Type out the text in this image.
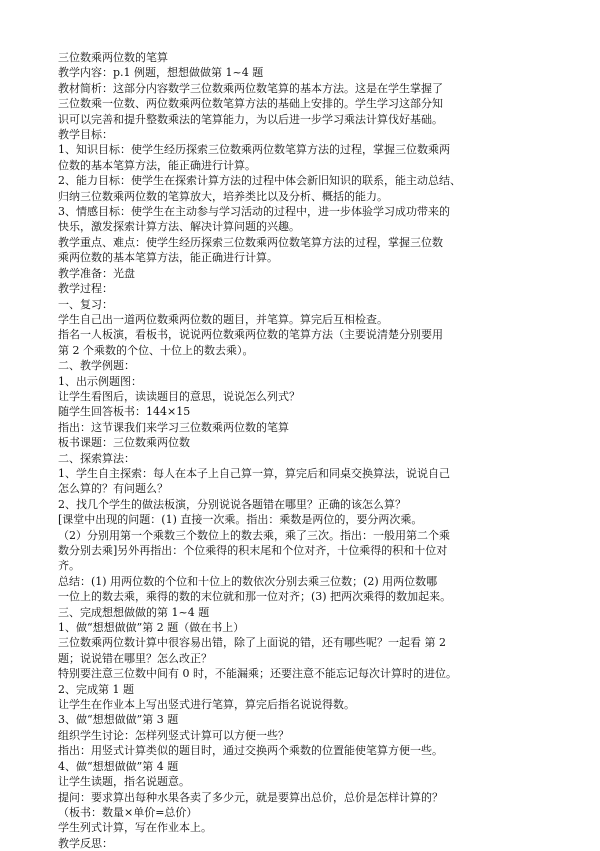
三位数乘两位数的笔算
教学内容：p.1 例题，想想做做第 1~4 题
教材简析：这部分内容数学三位数乘两位数笔算的基本方法。这是在学生掌握了
三位数乘一位数、两位数乘两位数笔算方法的基础上安排的。学生学习这部分知
识可以完善和提升整数乘法的笔算能力，为以后进一步学习乘法计算伐好基础。
教学目标：
1、知识目标：使学生经历探索三位数乘两位数笔算方法的过程，掌握三位数乘两
位数的基本笔算方法，能正确进行计算。
2、能力目标：使学生在探索计算方法的过程中体会新旧知识的联系，能主动总结、
归纳三位数乘两位数的笔算放大，培养类比以及分析、概括的能力。
3、情感目标：使学生在主动参与学习活动的过程中，进一步体验学习成功带来的
快乐，激发探索计算方法、解决计算问题的兴趣。
教学重点、难点：使学生经历探索三位数乘两位数笔算方法的过程，掌握三位数
乘两位数的基本笔算方法，能正确进行计算。
教学准备：光盘
教学过程：
一、复习：
学生自己出一道两位数乘两位数的题目，并笔算。算完后互相检查。
指名一人板演，看板书，说说两位数乘两位数的笔算方法（主要说清楚分别要用
第 2 个乘数的个位、十位上的数去乘）。
二、教学例题：
1、出示例题图：
让学生看图后，读读题目的意思，说说怎么列式？
随学生回答板书：144×15
指出：这节课我们来学习三位数乘两位数的笔算
板书课题：三位数乘两位数
二、探索算法：
1、学生自主探索：每人在本子上自己算一算，算完后和同桌交换算法，说说自己
怎么算的？有问题么？
2、找几个学生的做法板演，分别说说各题错在哪里？正确的该怎么算？
[课堂中出现的问题：(1) 直接一次乘。指出：乘数是两位的，要分两次乘。
（2）分别用第一个乘数三个数位上的数去乘，乘了三次。指出：一般用第二个乘
数分别去乘]另外再指出：个位乘得的积末尾和个位对齐，十位乘得的积和十位对
齐。
总结：(1) 用两位数的个位和十位上的数依次分别去乘三位数；(2) 用两位数哪
一位上的数去乘，乘得的数的末位就和那一位对齐；(3) 把两次乘得的数加起来。
三、完成想想做做的第 1~4 题
1、做“想想做做”第 2 题（做在书上）
三位数乘两位数计算中很容易出错，除了上面说的错，还有哪些呢？一起看 第 2
题；说说错在哪里？怎么改正？
特别要注意三位数中间有 0 时，不能漏乘；还要注意不能忘记每次计算时的进位。
2、完成第 1 题
让学生在作业本上写出竖式进行笔算，算完后指名说说得数。
3、做“想想做做”第 3 题
组织学生讨论：怎样列竖式计算可以方便一些？
指出：用竖式计算类似的题目时，通过交换两个乘数的位置能使笔算方便一些。
4、做“想想做做”第 4 题
让学生读题，指名说题意。
提问：要求算出每种水果各卖了多少元，就是要算出总价，总价是怎样计算的？
（板书：数量×单价=总价）
学生列式计算，写在作业本上。
教学反思：
